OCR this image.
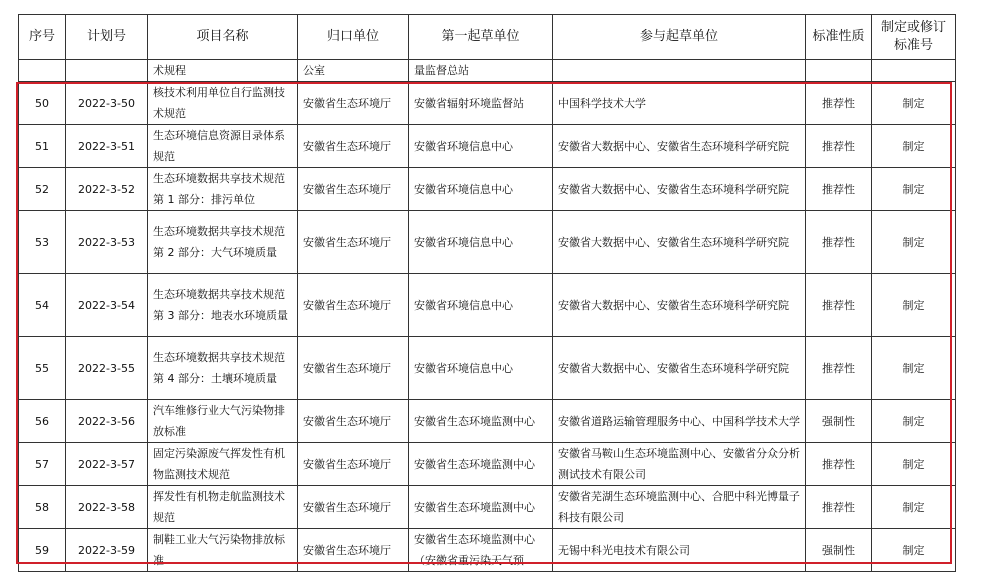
序号	计划号	项目名称	归口单位	第一起草单位	参与起草单位	标准性质	制定或修订标准号
		术规程	公室	量监督总站			
50	2022-3-50	核技术利用单位自行监测技术规范	安徽省生态环境厅	安徽省辐射环境监督站	中国科学技术大学	推荐性	制定
51	2022-3-51	生态环境信息资源目录体系规范	安徽省生态环境厅	安徽省环境信息中心	安徽省大数据中心、安徽省生态环境科学研究院	推荐性	制定
52	2022-3-52	生态环境数据共享技术规范　第 1 部分：排污单位	安徽省生态环境厅	安徽省环境信息中心	安徽省大数据中心、安徽省生态环境科学研究院	推荐性	制定
53	2022-3-53	生态环境数据共享技术规范　第 2 部分：大气环境质量	安徽省生态环境厅	安徽省环境信息中心	安徽省大数据中心、安徽省生态环境科学研究院	推荐性	制定
54	2022-3-54	生态环境数据共享技术规范　第 3 部分：地表水环境质量	安徽省生态环境厅	安徽省环境信息中心	安徽省大数据中心、安徽省生态环境科学研究院	推荐性	制定
55	2022-3-55	生态环境数据共享技术规范　第 4 部分：土壤环境质量	安徽省生态环境厅	安徽省环境信息中心	安徽省大数据中心、安徽省生态环境科学研究院	推荐性	制定
56	2022-3-56	汽车维修行业大气污染物排放标准	安徽省生态环境厅	安徽省生态环境监测中心	安徽省道路运输管理服务中心、中国科学技术大学	强制性	制定
57	2022-3-57	固定污染源废气挥发性有机物监测技术规范	安徽省生态环境厅	安徽省生态环境监测中心	安徽省马鞍山生态环境监测中心、安徽省分众分析测试技术有限公司	推荐性	制定
58	2022-3-58	挥发性有机物走航监测技术规范	安徽省生态环境厅	安徽省生态环境监测中心	安徽省芜湖生态环境监测中心、合肥中科光博量子科技有限公司	推荐性	制定
59	2022-3-59	制鞋工业大气污染物排放标准	安徽省生态环境厅	安徽省生态环境监测中心（安徽省重污染天气预	无锡中科光电技术有限公司	强制性	制定
